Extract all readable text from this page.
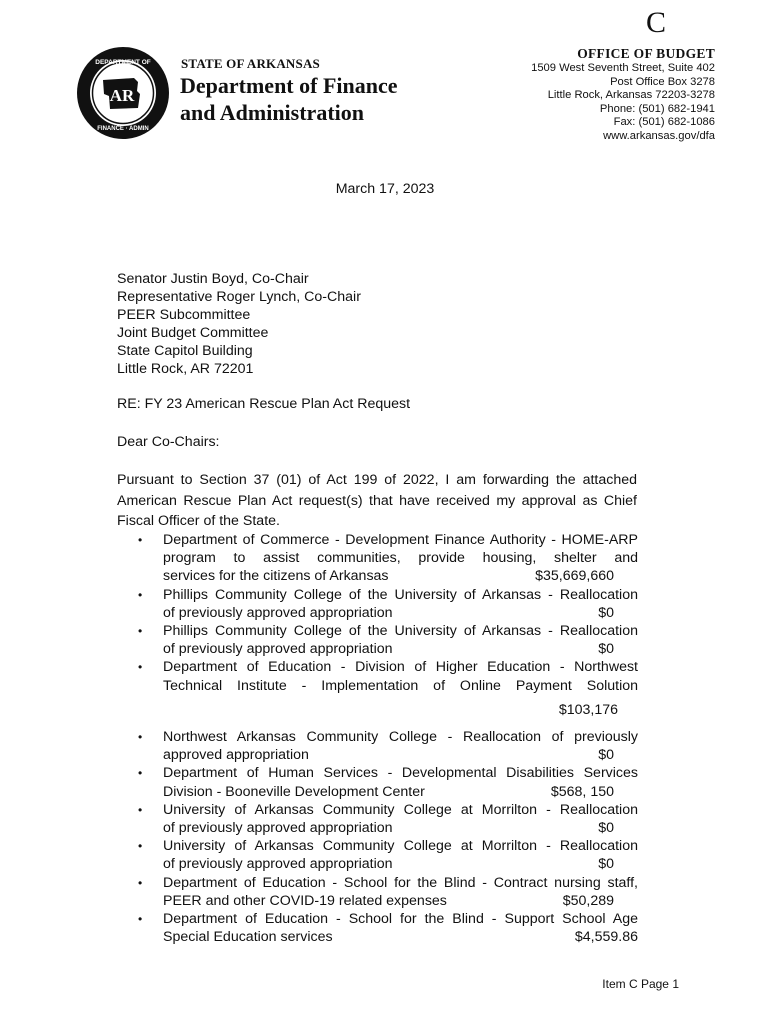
C
DEPARTMENT OF
FINANCE · ADMIN
AR
STATE OF ARKANSAS
Department of Finance
and Administration
OFFICE OF BUDGET
1509 West Seventh Street, Suite 402
Post Office Box 3278
Little Rock, Arkansas 72203-3278
Phone: (501) 682-1941
Fax: (501) 682-1086
www.arkansas.gov/dfa
March 17, 2023
Senator Justin Boyd, Co-Chair
Representative Roger Lynch, Co-Chair
PEER Subcommittee
Joint Budget Committee
State Capitol Building
Little Rock, AR 72201
RE: FY 23 American Rescue Plan Act Request
Dear Co-Chairs:
Pursuant to Section 37 (01) of Act 199 of 2022, I am forwarding the attached American Rescue Plan Act request(s) that have received my approval as Chief Fiscal Officer of the State.
• Department of Commerce - Development Finance Authority - HOME-ARP program to assist communities, provide housing, shelter and
services for the citizens of Arkansas	$35,669,660
• Phillips Community College of the University of Arkansas - Reallocation
of previously approved appropriation	$0
• Phillips Community College of the University of Arkansas - Reallocation
of previously approved appropriation	$0
• Department of Education - Division of Higher Education - Northwest Technical Institute - Implementation of Online Payment Solution
$103,176
• Northwest Arkansas Community College - Reallocation of previously
approved appropriation	$0
• Department of Human Services - Developmental Disabilities Services
Division - Booneville Development Center	$568, 150
• University of Arkansas Community College at Morrilton - Reallocation
of previously approved appropriation	$0
• University of Arkansas Community College at Morrilton - Reallocation
of previously approved appropriation	$0
• Department of Education - School for the Blind - Contract nursing staff,
PEER and other COVID-19 related expenses	$50,289
• Department of Education - School for the Blind - Support School Age
Special Education services	$4,559.86
Item C Page 1
